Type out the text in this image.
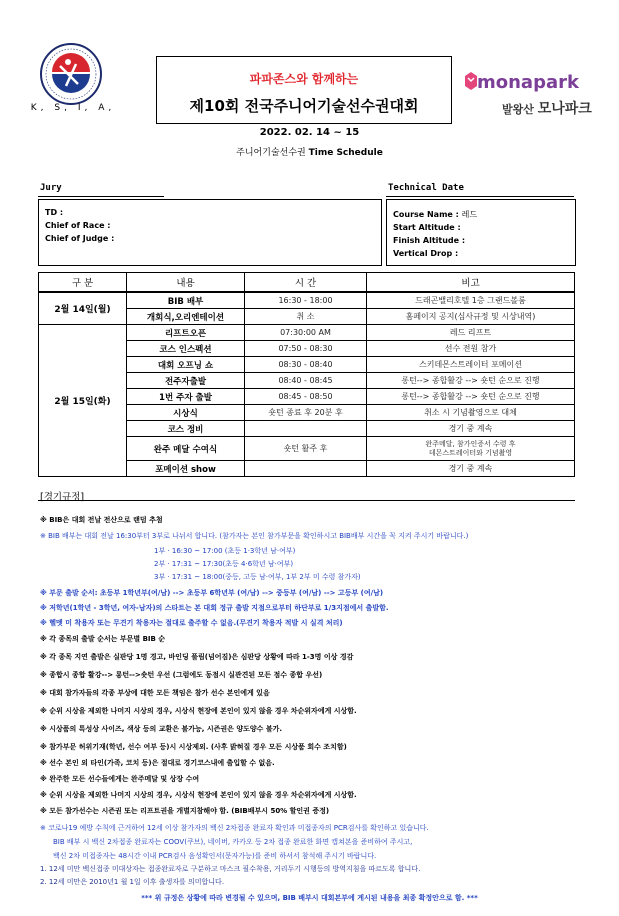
K, S, I, A,
파파존스와 함께하는
제10회 전국주니어기술선수권대회
monapark
발왕산 모나파크
2022. 02. 14 ~ 15
주니어기술선수권 Time Schedule
Jury	Technical Date
TD :
Chief of Race :
Chief of Judge :
Course Name : 레드
Start Altitude :
Finish Altitude :
Vertical Drop :
구 분	내용	시 간	비고
2월 14일(월)	BIB 배부	16:30 - 18:00	드래곤밸리호텔 1층 그랜드볼룸
	개회식,오리엔테이션	취 소	홈페이지 공지(심사규정 및 시상내역)
2월 15일(화)	리프트오픈	07:30:00 AM	레드 리프트
	코스 인스펙션	07:50 - 08:30	선수 전원 참가
	대회 오프닝 쇼	08:30 - 08:40	스키데몬스트레이터 포메이션
	전주자출발	08:40 - 08:45	롱턴--> 종합활강 --> 숏턴 순으로 진행
	1번 주자 출발	08:45 - 08:50	롱턴--> 종합활강 --> 숏턴 순으로 진행
	시상식	숏턴 종료 후 20분 후	취소 시 기념촬영으로 대체
	코스 정비		경기 중 계속
	완주 메달 수여식	숏턴 활주 후	완주메달, 참가인증서 수령 후
데몬스트레이터와 기념촬영

	포메이션 show		경기 중 계속
[경기규정]
※ BIB은 대회 전날 전산으로 랜덤 추첨
※ BIB 배부는 대회 전날 16:30부터 3부로 나뉘서 합니다. (참가자는 본인 참가부문을 확인하시고 BIB배부 시간을 꼭 지켜 주시기 바랍니다.)
1부 · 16:30 ~ 17:00 (초등 1·3학년 남·여부)
2부 · 17:31 ~ 17:30(초등 4·6학년 남·여부)
3부 · 17:31 ~ 18:00(중등, 고등 남·여부, 1부 2부 미 수령 참가자)
※ 부문 출발 순서: 초등부 1학년부(여/남) --> 초등부 6학년부 (여/남) --> 중등부 (여/남) --> 고등부 (여/남)
※ 저학년(1학년 - 3학년, 여자-남자)의 스타트는 본 대회 정규 출발 지점으로부터 하단부로 1/3지점에서 출발함.
※ 헬멧 미 착용자 또는 무견기 착용자는 절대로 출주할 수 없음.(무견기 착용자 적발 시 실격 처리)
※ 각 종목의 출발 순서는 부문별 BIB 순
※ 각 종목 지연 출발은 실판당 1명 경고, 바인딩 풀림(넘어짐)은 심판당 상황에 따라 1-3명 이상 경감
※ 종합시 종합 활강--> 롱턴-->숏턴 우선 (그럼에도 동점시 실관견된 모든 점수 종합 우선)
※ 대회 참가자들의 각종 부상에 대한 모든 책임은 참가 선수 본인에게 있음
※ 순위 시상을 제외한 나머지 시상의 경우, 시상식 현장에 본인이 있지 않을 경우 차순위자에게 시상함.
※ 시상품의 특성상 사이즈, 색상 등의 교환은 불가능, 시즌권은 양도양수 불가.
※ 참가부문 허위기재(학년, 선수 여부 등)시 시상제외. (사후 밝혀질 경우 모든 시상품 회수 조치함)
※ 선수 본인 외 타인(가족, 코치 등)은 절대로 경기코스내에 출입할 수 없음.
※ 완주한 모든 선수들에게는 완주메달 및 상장 수여
※ 순위 시상을 제외한 나머지 시상의 경우, 시상식 현장에 본인이 있지 않을 경우 차순위자에게 시상함.
※ 모든 참가선수는 시즌권 또는 리프트권을 개별지참해야 함. (BIB배부시 50% 할인권 증정)
※ 코로나19 예방 수칙에 근거하여 12세 이상 참가자의 백신 2차접종 완료자 확인과 미접종자의 PCR검사를 확인하고 있습니다.
BIB 배부 시 백신 2차접종 완료자는 COOV(쿠브), 네이버, 카카오 등 2차 접종 완료한 화면 캡쳐본을 준비하여 주시고,
백신 2차 미접종자는 48시간 이내 PCR검사 음성확인서(문자가능)를 준비 하셔서 참석해 주시기 바랍니다.
1. 12세 미만 백신접종 미대상자는 접종완료자로 구분하고 마스크 필수착용, 거리두기 시행등의 방역지침을 따르도록 합니다.
2. 12세 미만은 2010년1 월 1일 이후 출생자를 의미합니다.
*** 위 규정은 상황에 따라 변경될 수 있으며, BIB 배부시 대회본부에 게시된 내용을 최종 확정안으로 함. ***
